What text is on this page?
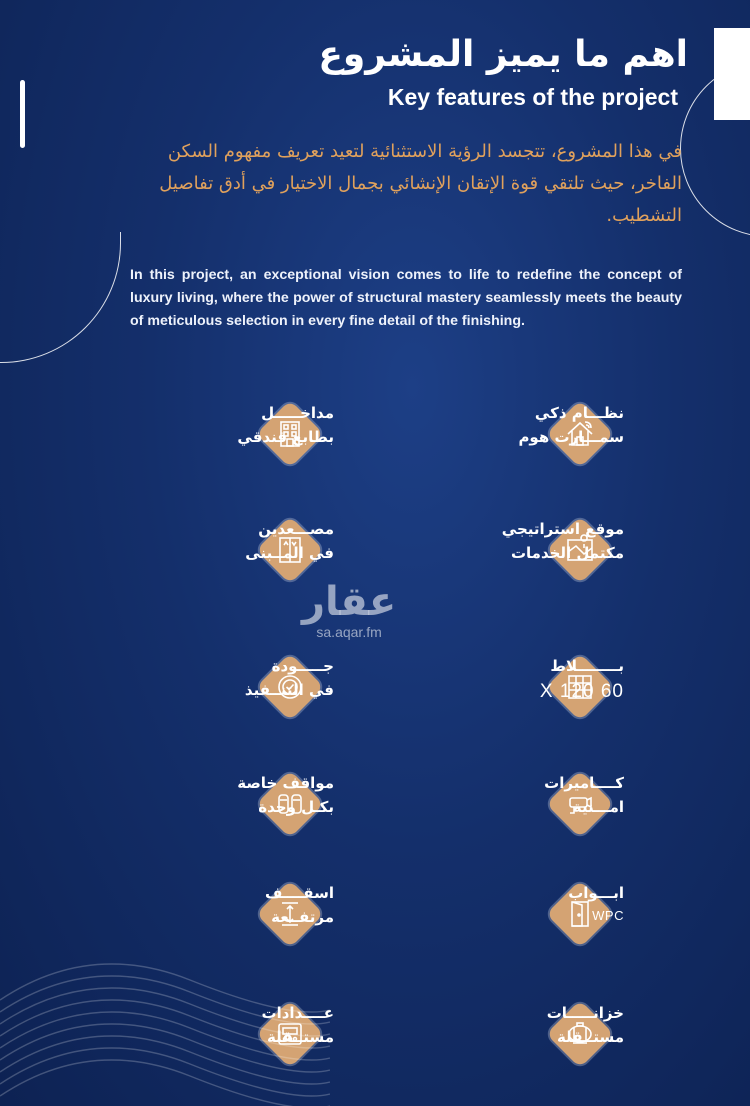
اهم ما يميز المشروع
Key features of the project

في هذا المشروع، تتجسد الرؤية الاستثنائية لتعيد تعريف مفهوم السكن الفاخر، حيث تلتقي قوة الإتقان الإنشائي بجمال الاختيار في أدق تفاصيل التشطيب.

In this project, an exceptional vision comes to life to redefine the concept of luxury living, where the power of structural mastery seamlessly meets the beauty of meticulous selection in every fine detail of the finishing.

مداخـــــل
بطابع فندقي
نظـــام ذكي
سمـــارت هوم
مصـــعدين
في المــبنى
موقع استراتيجي
مكتمل الخدمات
جـــــودة
في التنــفيذ
بــــــــلاط
60 X 120
مواقف خاصة
بكـل وحدة
كــــاميرات
امـــنية
اسقــــف
مرتفــعة
ابـــواب
WPC
عــــدادات
مستــقلة
خزانـــــات
مستــقلة
عقار
sa.aqar.fm
